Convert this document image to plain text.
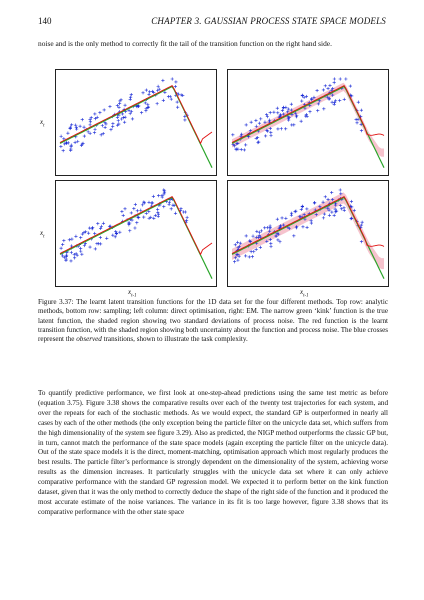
140	CHAPTER 3. GAUSSIAN PROCESS STATE SPACE MODELS
noise and is the only method to correctly fit the tail of the transition function on the right hand side.
$x_t$
$x_t$
$x_{t-1}$	$x_{t-1}$
Figure 3.37: The learnt latent transition functions for the 1D data set for the four different methods. Top row: analytic methods, bottom row: sampling; left column: direct optimisation, right: EM. The narrow green ‘kink’ function is the true latent function, the shaded region showing two standard deviations of process noise. The red function is the learnt transition function, with the shaded region showing both uncertainty about the function and process noise. The blue crosses represent the observed transitions, shown to illustrate the task complexity.
To quantify predictive performance, we first look at one-step-ahead predictions using the same test metric as before (equation 3.75). Figure 3.38 shows the comparative results over each of the twenty test trajectories for each system, and over the repeats for each of the stochastic methods. As we would expect, the standard GP is outperformed in nearly all cases by each of the other methods (the only exception being the particle filter on the unicycle data set, which suffers from the high dimensionality of the system see figure 3.29). Also as predicted, the NIGP method outperforms the classic GP but, in turn, cannot match the performance of the state space models (again excepting the particle filter on the unicycle data). Out of the state space models it is the direct, moment-matching, optimisation approach which most regularly produces the best results. The particle filter’s performance is strongly dependent on the dimensionality of the system, achieving worse results as the dimension increases. It particularly struggles with the unicycle data set where it can only achieve comparative performance with the standard GP regression model. We expected it to perform better on the kink function dataset, given that it was the only method to correctly deduce the shape of the right side of the function and it produced the most accurate estimate of the noise variances. The variance in its fit is too large however, figure 3.38 shows that its comparative performance with the other state space
